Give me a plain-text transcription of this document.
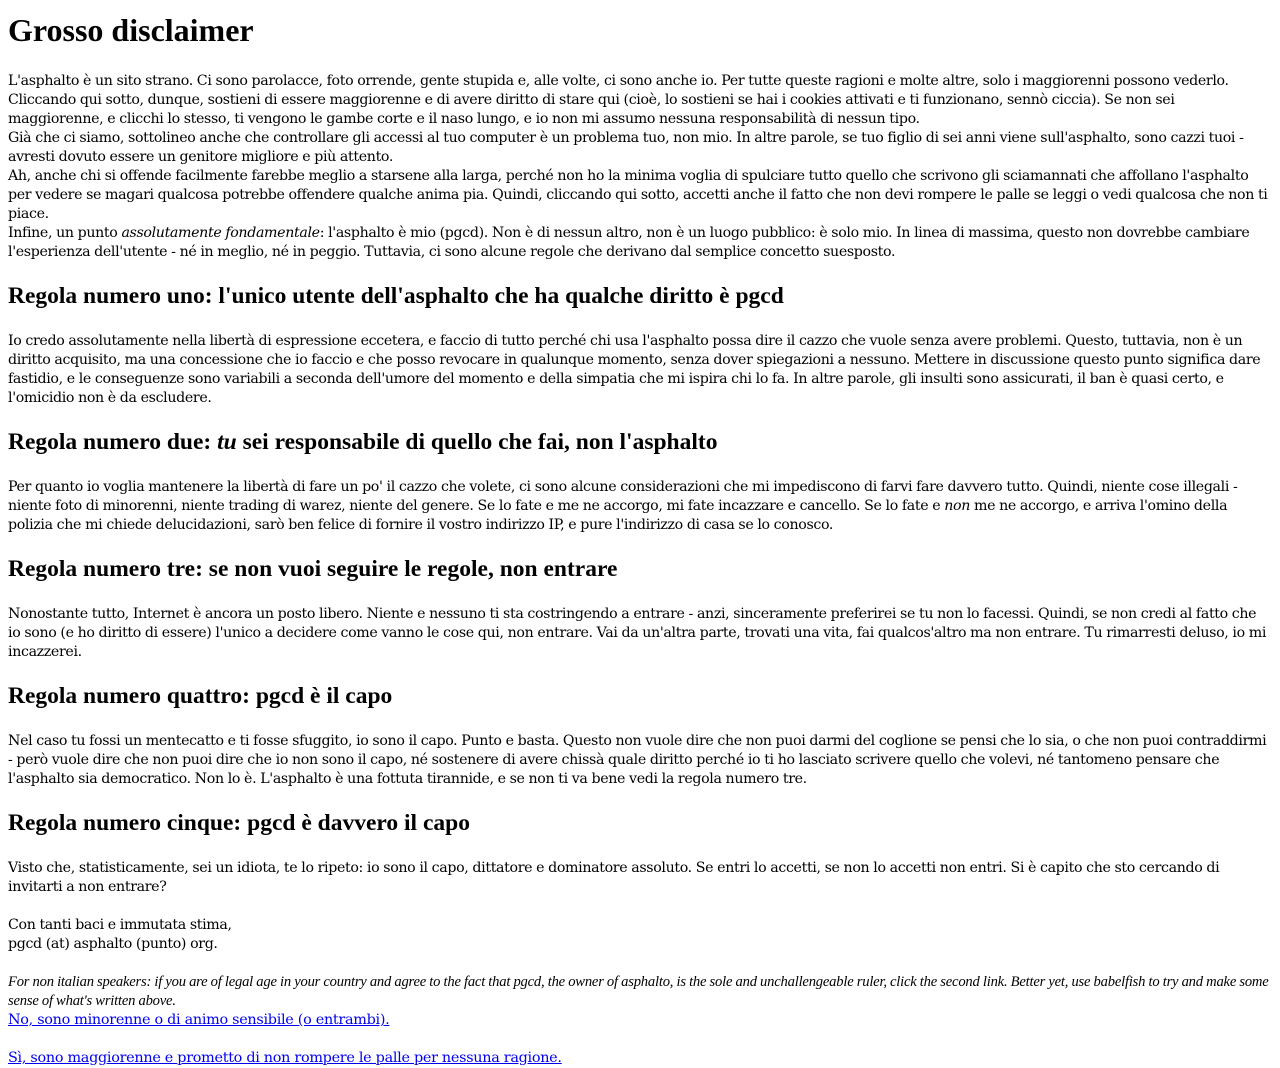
Grosso disclaimer

L'asphalto è un sito strano. Ci sono parolacce, foto orrende, gente stupida e, alle volte, ci sono anche io. Per tutte queste ragioni e molte altre, solo i maggiorenni possono vederlo. Cliccando qui sotto, dunque, sostieni di essere maggiorenne e di avere diritto di stare qui (cioè, lo sostieni se hai i cookies attivati e ti funzionano, sennò ciccia). Se non sei maggiorenne, e clicchi lo stesso, ti vengono le gambe corte e il naso lungo, e io non mi assumo nessuna responsabilità di nessun tipo.
Già che ci siamo, sottolineo anche che controllare gli accessi al tuo computer è un problema tuo, non mio. In altre parole, se tuo figlio di sei anni viene sull'asphalto, sono cazzi tuoi - avresti dovuto essere un genitore migliore e più attento.
Ah, anche chi si offende facilmente farebbe meglio a starsene alla larga, perché non ho la minima voglia di spulciare tutto quello che scrivono gli sciamannati che affollano l'asphalto per vedere se magari qualcosa potrebbe offendere qualche anima pia. Quindi, cliccando qui sotto, accetti anche il fatto che non devi rompere le palle se leggi o vedi qualcosa che non ti piace.
Infine, un punto assolutamente fondamentale: l'asphalto è mio (pgcd). Non è di nessun altro, non è un luogo pubblico: è solo mio. In linea di massima, questo non dovrebbe cambiare l'esperienza dell'utente - né in meglio, né in peggio. Tuttavia, ci sono alcune regole che derivano dal semplice concetto suesposto.

Regola numero uno: l'unico utente dell'asphalto che ha qualche diritto è pgcd

Io credo assolutamente nella libertà di espressione eccetera, e faccio di tutto perché chi usa l'asphalto possa dire il cazzo che vuole senza avere problemi. Questo, tuttavia, non è un diritto acquisito, ma una concessione che io faccio e che posso revocare in qualunque momento, senza dover spiegazioni a nessuno. Mettere in discussione questo punto significa dare fastidio, e le conseguenze sono variabili a seconda dell'umore del momento e della simpatia che mi ispira chi lo fa. In altre parole, gli insulti sono assicurati, il ban è quasi certo, e l'omicidio non è da escludere.

Regola numero due: tu sei responsabile di quello che fai, non l'asphalto

Per quanto io voglia mantenere la libertà di fare un po' il cazzo che volete, ci sono alcune considerazioni che mi impediscono di farvi fare davvero tutto. Quindi, niente cose illegali - niente foto di minorenni, niente trading di warez, niente del genere. Se lo fate e me ne accorgo, mi fate incazzare e cancello. Se lo fate e non me ne accorgo, e arriva l'omino della polizia che mi chiede delucidazioni, sarò ben felice di fornire il vostro indirizzo IP, e pure l'indirizzo di casa se lo conosco.

Regola numero tre: se non vuoi seguire le regole, non entrare

Nonostante tutto, Internet è ancora un posto libero. Niente e nessuno ti sta costringendo a entrare - anzi, sinceramente preferirei se tu non lo facessi. Quindi, se non credi al fatto che io sono (e ho diritto di essere) l'unico a decidere come vanno le cose qui, non entrare. Vai da un'altra parte, trovati una vita, fai qualcos'altro ma non entrare. Tu rimarresti deluso, io mi incazzerei.

Regola numero quattro: pgcd è il capo

Nel caso tu fossi un mentecatto e ti fosse sfuggito, io sono il capo. Punto e basta. Questo non vuole dire che non puoi darmi del coglione se pensi che lo sia, o che non puoi contraddirmi - però vuole dire che non puoi dire che io non sono il capo, né sostenere di avere chissà quale diritto perché io ti ho lasciato scrivere quello che volevi, né tantomeno pensare che l'asphalto sia democratico. Non lo è. L'asphalto è una fottuta tirannide, e se non ti va bene vedi la regola numero tre.

Regola numero cinque: pgcd è davvero il capo

Visto che, statisticamente, sei un idiota, te lo ripeto: io sono il capo, dittatore e dominatore assoluto. Se entri lo accetti, se non lo accetti non entri. Si è capito che sto cercando di invitarti a non entrare?

Con tanti baci e immutata stima,
pgcd (at) asphalto (punto) org.

For non italian speakers: if you are of legal age in your country and agree to the fact that pgcd, the owner of asphalto, is the sole and unchallengeable ruler, click the second link. Better yet, use babelfish to try and make some sense of what's written above.

No, sono minorenne o di animo sensibile (o entrambi).
Sì, sono maggiorenne e prometto di non rompere le palle per nessuna ragione.
